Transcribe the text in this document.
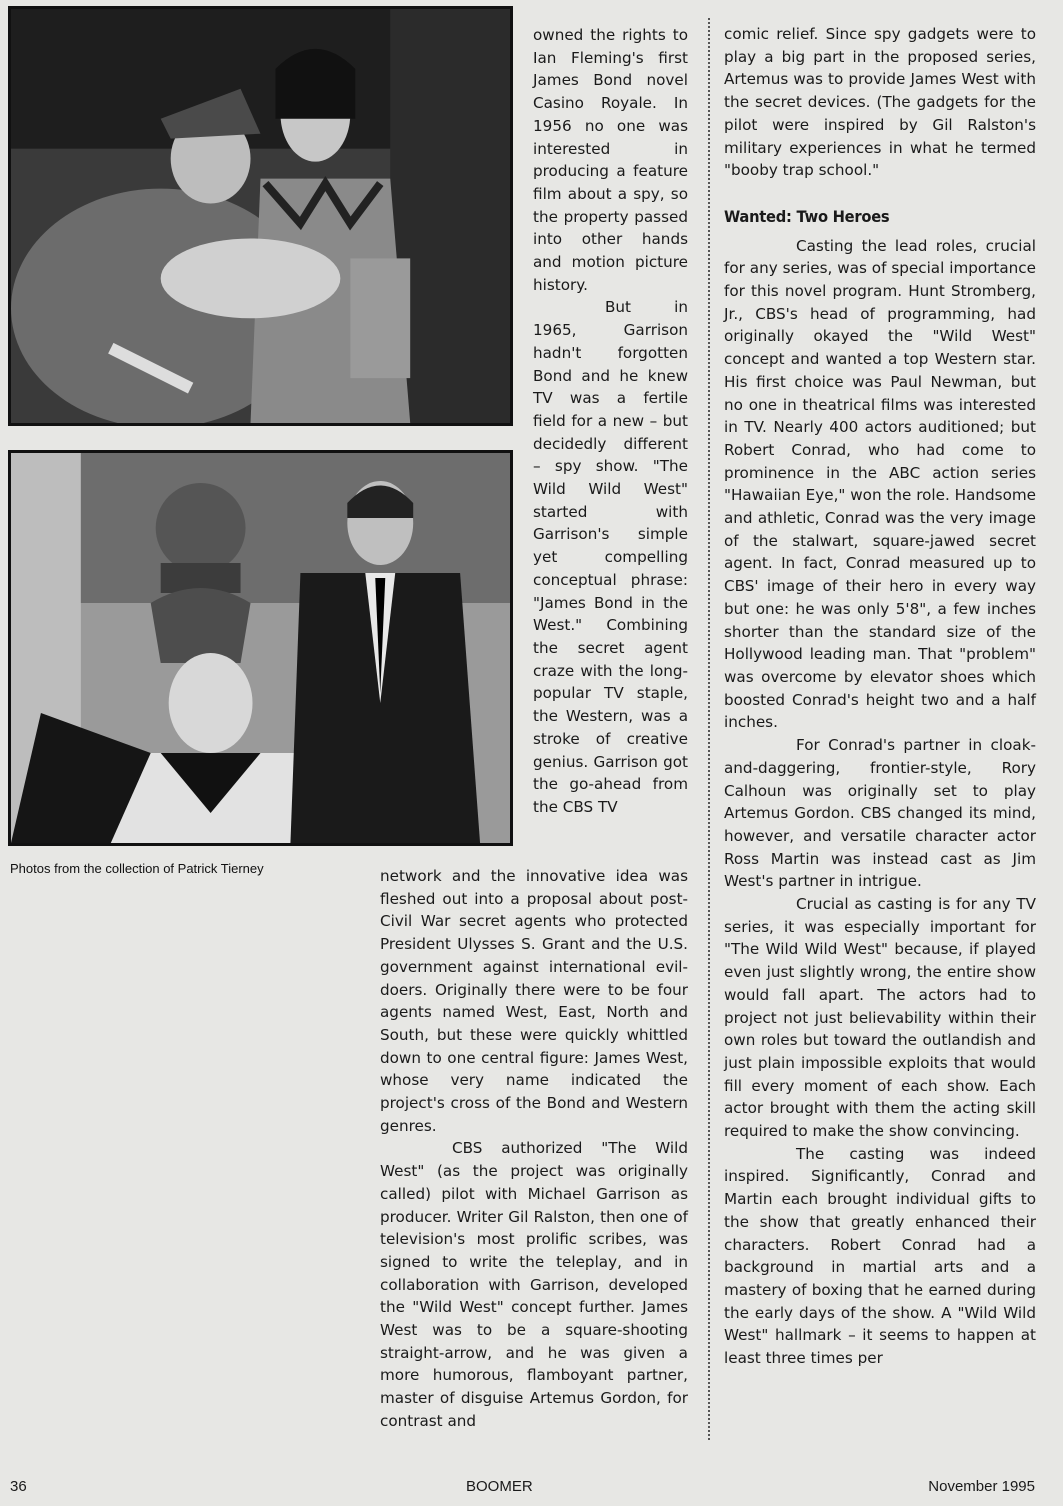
Photos from the collection of Patrick Tierney

owned the rights to Ian Fleming's first James Bond novel Casino Royale. In 1956 no one was interested in producing a feature film about a spy, so the property passed into other hands and motion picture history.

But in 1965, Garrison hadn't forgotten Bond and he knew TV was a fertile field for a new – but decidedly different – spy show. "The Wild Wild West" started with Garrison's simple yet compelling conceptual phrase: "James Bond in the West." Combining the secret agent craze with the long-popular TV staple, the Western, was a stroke of creative genius. Garrison got the go-ahead from the CBS TV

network and the innovative idea was fleshed out into a proposal about post-Civil War secret agents who protected President Ulysses S. Grant and the U.S. government against international evil-doers. Originally there were to be four agents named West, East, North and South, but these were quickly whittled down to one central figure: James West, whose very name indicated the project's cross of the Bond and Western genres.

CBS authorized "The Wild West" (as the project was originally called) pilot with Michael Garrison as producer. Writer Gil Ralston, then one of television's most prolific scribes, was signed to write the teleplay, and in collaboration with Garrison, developed the "Wild West" concept further. James West was to be a square-shooting straight-arrow, and he was given a more humorous, flamboyant partner, master of disguise Artemus Gordon, for contrast and

comic relief. Since spy gadgets were to play a big part in the proposed series, Artemus was to provide James West with the secret devices. (The gadgets for the pilot were inspired by Gil Ralston's military experiences in what he termed "booby trap school."

Wanted: Two Heroes

Casting the lead roles, crucial for any series, was of special importance for this novel program. Hunt Stromberg, Jr., CBS's head of programming, had originally okayed the "Wild West" concept and wanted a top Western star. His first choice was Paul Newman, but no one in theatrical films was interested in TV. Nearly 400 actors auditioned; but Robert Conrad, who had come to prominence in the ABC action series "Hawaiian Eye," won the role. Handsome and athletic, Conrad was the very image of the stalwart, square-jawed secret agent. In fact, Conrad measured up to CBS' image of their hero in every way but one: he was only 5'8", a few inches shorter than the standard size of the Hollywood leading man. That "problem" was overcome by elevator shoes which boosted Conrad's height two and a half inches.

For Conrad's partner in cloak-and-daggering, frontier-style, Rory Calhoun was originally set to play Artemus Gordon. CBS changed its mind, however, and versatile character actor Ross Martin was instead cast as Jim West's partner in intrigue.

Crucial as casting is for any TV series, it was especially important for "The Wild Wild West" because, if played even just slightly wrong, the entire show would fall apart. The actors had to project not just believability within their own roles but toward the outlandish and just plain impossible exploits that would fill every moment of each show. Each actor brought with them the acting skill required to make the show convincing.

The casting was indeed inspired. Significantly, Conrad and Martin each brought individual gifts to the show that greatly enhanced their characters. Robert Conrad had a background in martial arts and a mastery of boxing that he earned during the early days of the show. A "Wild Wild West" hallmark – it seems to happen at least three times per

36	BOOMER	November 1995
